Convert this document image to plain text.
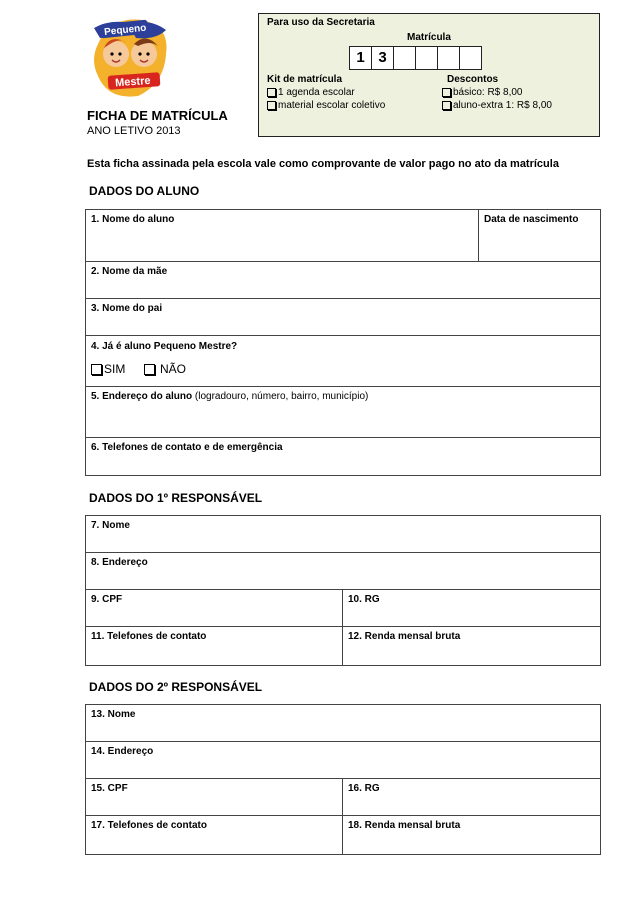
Pequeno
Mestre
FICHA DE MATRÍCULA
ANO LETIVO 2013
Para uso da Secretaria
Matrícula
1 3
Kit de matrícula	Descontos
1 agenda escolar
material escolar coletivo
básico: R$ 8,00
aluno-extra 1: R$ 8,00
Esta ficha assinada pela escola vale como comprovante de valor pago no ato da matrícula
DADOS DO ALUNO
1. Nome do aluno	Data de nascimento
2. Nome da mãe
3. Nome do pai
4. Já é aluno Pequeno Mestre?
SIM	NÃO
5. Endereço do aluno (logradouro, número, bairro, município)
6. Telefones de contato e de emergência
DADOS DO 1º RESPONSÁVEL
7. Nome
8. Endereço
9. CPF	10. RG
11. Telefones de contato	12. Renda mensal bruta
DADOS DO 2º RESPONSÁVEL
13. Nome
14. Endereço
15. CPF	16. RG
17. Telefones de contato	18. Renda mensal bruta
